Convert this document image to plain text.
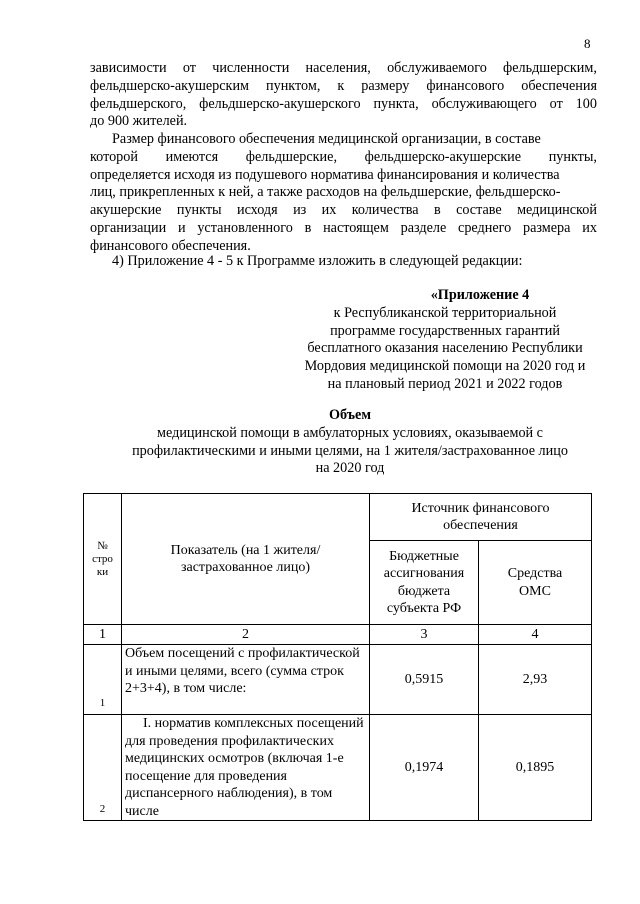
8
зависимости от численности населения, обслуживаемого фельдшерским,
фельдшерско-акушерским пунктом, к размеру финансового обеспечения
фельдшерского, фельдшерско-акушерского пункта, обслуживающего от 100
до 900 жителей.
Размер финансового обеспечения медицинской организации, в составе
которой имеются фельдшерские, фельдшерско-акушерские пункты,
определяется исходя из подушевого норматива финансирования и количества
лиц, прикрепленных к ней, а также расходов на фельдшерские, фельдшерско-
акушерские пункты исходя из их количества в составе медицинской
организации и установленного в настоящем разделе среднего размера их
финансового обеспечения.
4) Приложение 4 - 5 к Программе изложить в следующей редакции:
«Приложение 4
к Республиканской территориальной
программе государственных гарантий
бесплатного оказания населению Республики
Мордовия медицинской помощи на 2020 год и
на плановый период 2021 и 2022 годов
Объем
медицинской помощи в амбулаторных условиях, оказываемой с
профилактическими и иными целями, на 1 жителя/застрахованное лицо
на 2020 год
№ стро ки	Показатель (на 1 жителя/застрахованное лицо)	Источник финансового обеспечения	

		Бюджетные ассигнования бюджета субъекта РФ	Средства ОМС

1	2	3	4
1	Объем посещений с профилактической и иными целями, всего (сумма строк 2+3+4), в том числе:	0,5915	2,93
2	I. норматив комплексных посещений для проведения профилактических медицинских осмотров (включая 1-е посещение для проведения диспансерного наблюдения), в том числе	0,1974	0,1895
